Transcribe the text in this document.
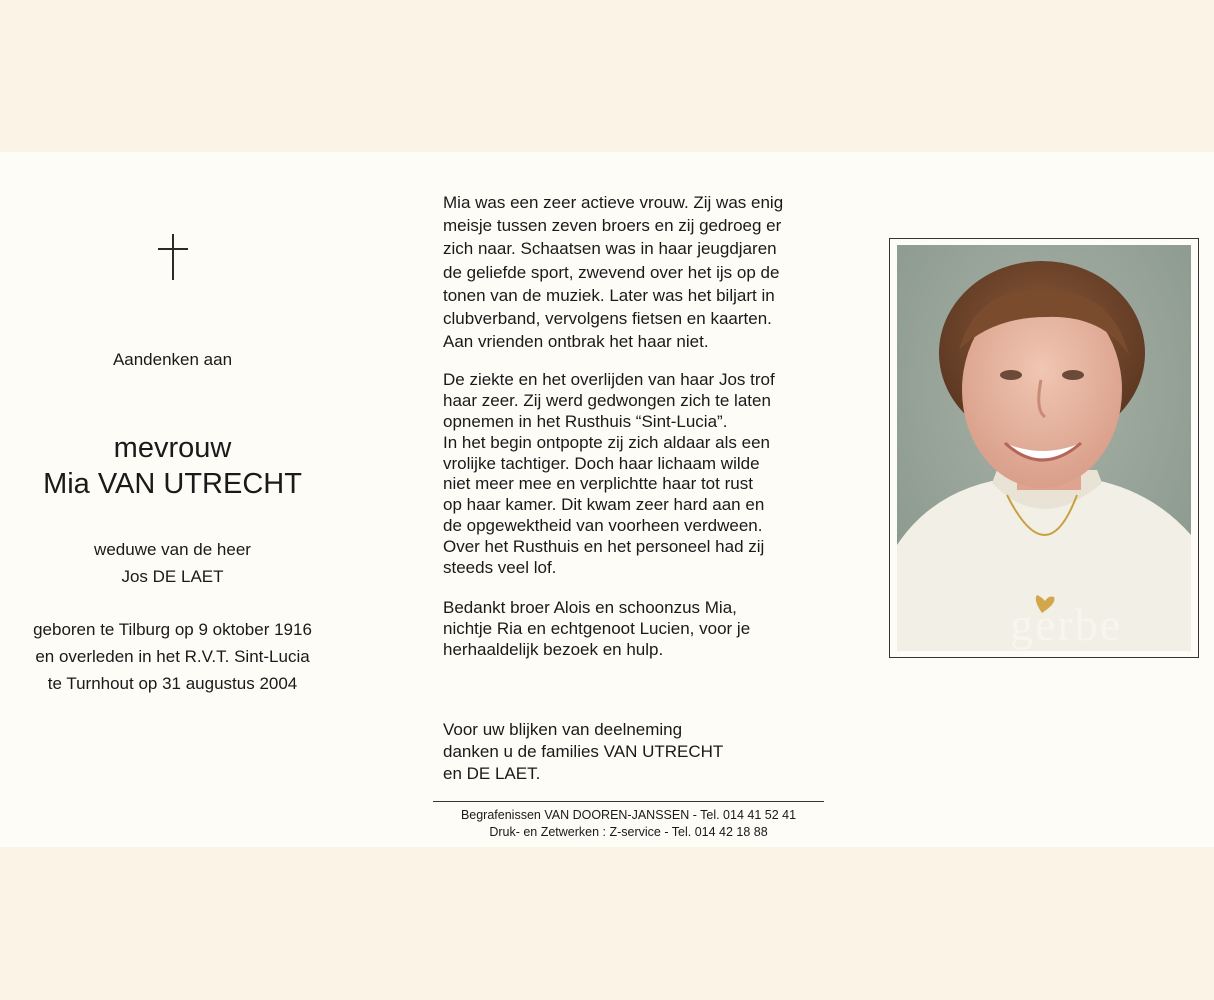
Aandenken aan
mevrouw
Mia VAN UTRECHT
weduwe van de heer
Jos DE LAET
geboren te Tilburg op 9 oktober 1916
en overleden in het R.V.T. Sint-Lucia
te Turnhout op 31 augustus 2004
Mia was een zeer actieve vrouw. Zij was enig
meisje tussen zeven broers en zij gedroeg er
zich naar. Schaatsen was in haar jeugdjaren
de geliefde sport, zwevend over het ijs op de
tonen van de muziek. Later was het biljart in
clubverband, vervolgens fietsen en kaarten.
Aan vrienden ontbrak het haar niet.
De ziekte en het overlijden van haar Jos trof
haar zeer. Zij werd gedwongen zich te laten
opnemen in het Rusthuis “Sint-Lucia”.
In het begin ontpopte zij zich aldaar als een
vrolijke tachtiger. Doch haar lichaam wilde
niet meer mee en verplichtte haar tot rust
op haar kamer. Dit kwam zeer hard aan en
de opgewektheid van voorheen verdween.
Over het Rusthuis en het personeel had zij
steeds veel lof.
Bedankt broer Alois en schoonzus Mia,
nichtje Ria en echtgenoot Lucien, voor je
herhaaldelijk bezoek en hulp.
Voor uw blijken van deelneming
danken u de families VAN UTRECHT
en DE LAET.
Begrafenissen VAN DOOREN-JANSSEN - Tel. 014 41 52 41
Druk- en Zetwerken : Z-service - Tel. 014 42 18 88
gerbe
